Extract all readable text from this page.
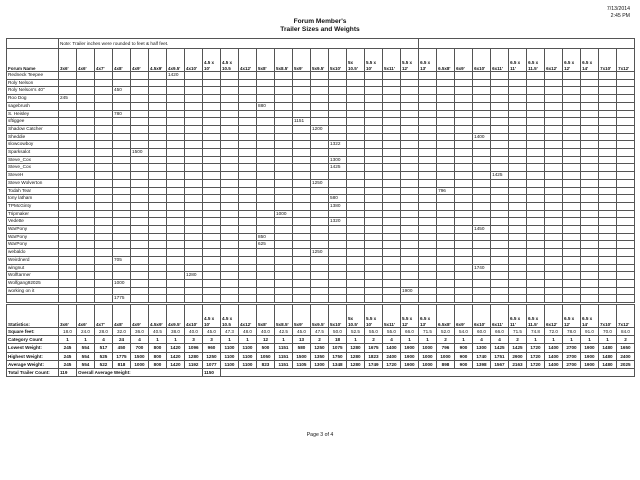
7/13/2014
2:45 PM
Forum Member's
Trailer Sizes and Weights
	Note: Trailer inches were rounded to feet & half feet.																															
Forum Name	3x6'	4x6'	4x7'	4x8'	4x9'	4.5x9'	4x9.5'	4x10'	4.5 x 10'	4.5 x 10.5	4x12'	5x8'	5x8.5'	5x9'	5x9.5'	5x10'	5x 10.5'	5.5 x 10'	5x11'	5.5 x 12'	6.5 x 13'	6.5x8'	6x9'	6x10'	6x11'	6.5 x 11'	6.5 x 11.5'	6x12'	6.5 x 12'	6.5 x 14'	7x10'	7x12'
Redneck Teepee							1420																									
Roly Nelson																																
Roly Nelson's 40"				450																												
Roo Dog	245																															
sagebrush												880																				
S. Heisley				780																												
sftiggee														1151																		
Shadow Catcher															1200																	
Sheddie																								1400								
slowcowboy																1322																
Sparksalot					1500																											
Steve_Cox																1300																
Steve_Cox																1425																
SteveH																									1425							
Steve Wolverton															1250																	
Todah Tear																						796										
tony latham																580																
TPMcGinty																1380																
Tripmaker													1000																			
Vedette																1320																
WarPony																								1450								
WarPony												850																				
WarPony												625																				
webaldo															1250																	
Weirdnerd				705																												
wingnut																								1740								
Wolftarmer								1280																								
Wolfgang92025				1000																												
working on it																				1900												
				1775																												
Statistics:	3x6'	4x6'	4x7'	4x8'	4x9'	4.5x9'	4x9.5'	4x10'	4.5 x 10'	4.5 x 10.5	4x12'	5x8'	5x8.5'	5x9'	5x9.5'	5x10'	5x 10.5'	5.5 x 10'	5x11'	5.5 x 12'	6.5 x 13'	6.5x8'	6x9'	6x10'	6x11'	6.5 x 11'	6.5 x 11.5'	6x12'	6.5 x 12'	6.5 x 14'	7x10'	7x12'
Square feet:	18.0	24.0	28.0	32.0	36.0	40.5	38.0	40.0	45.0	47.3	48.0	40.0	42.5	45.0	47.5	50.0	52.5	55.0	55.0	66.0	71.5	52.0	54.0	60.0	66.0	71.5	74.8	72.0	78.0	91.0	70.0	84.0
Category Count	1	1	4	24	4	1	1	3	3	1	1	12	1	13	2	18	1	2	4	1	1	2	1	4	4	2	1	1	1	1	1	2
Lowest Weight:	245	554	517	450	700	800	1420	1096	960	1100	1100	500	1151	580	1250	1075	1280	1675	1400	1900	1000	796	900	1300	1425	1425	1720	1400	2700	1900	1480	1650
Highest Weight:	245	554	525	1775	1500	800	1420	1280	1250	1100	1100	1050	1151	1500	1350	1750	1280	1823	2400	1900	1000	1000	900	1740	1751	2900	1720	1400	2700	1900	1480	2400
Average Weight:	245	554	522	818	1000	800	1420	1192	1077	1100	1100	823	1151	1105	1300	1348	1280	1749	1720	1900	1000	898	900	1398	1567	2163	1720	1400	2700	1900	1480	2025
Total Trailer Count:	119	Overall Average Weight:							1150																							
Page 3 of 4
